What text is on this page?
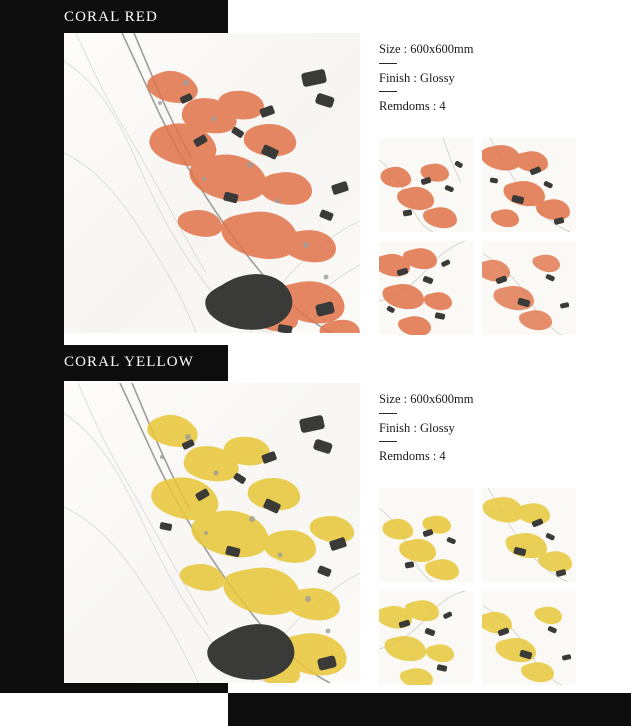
CORAL RED
CORAL YELLOW

Size : 600x600mm

Finish : Glossy

Remdoms : 4

Size : 600x600mm

Finish : Glossy

Remdoms : 4
